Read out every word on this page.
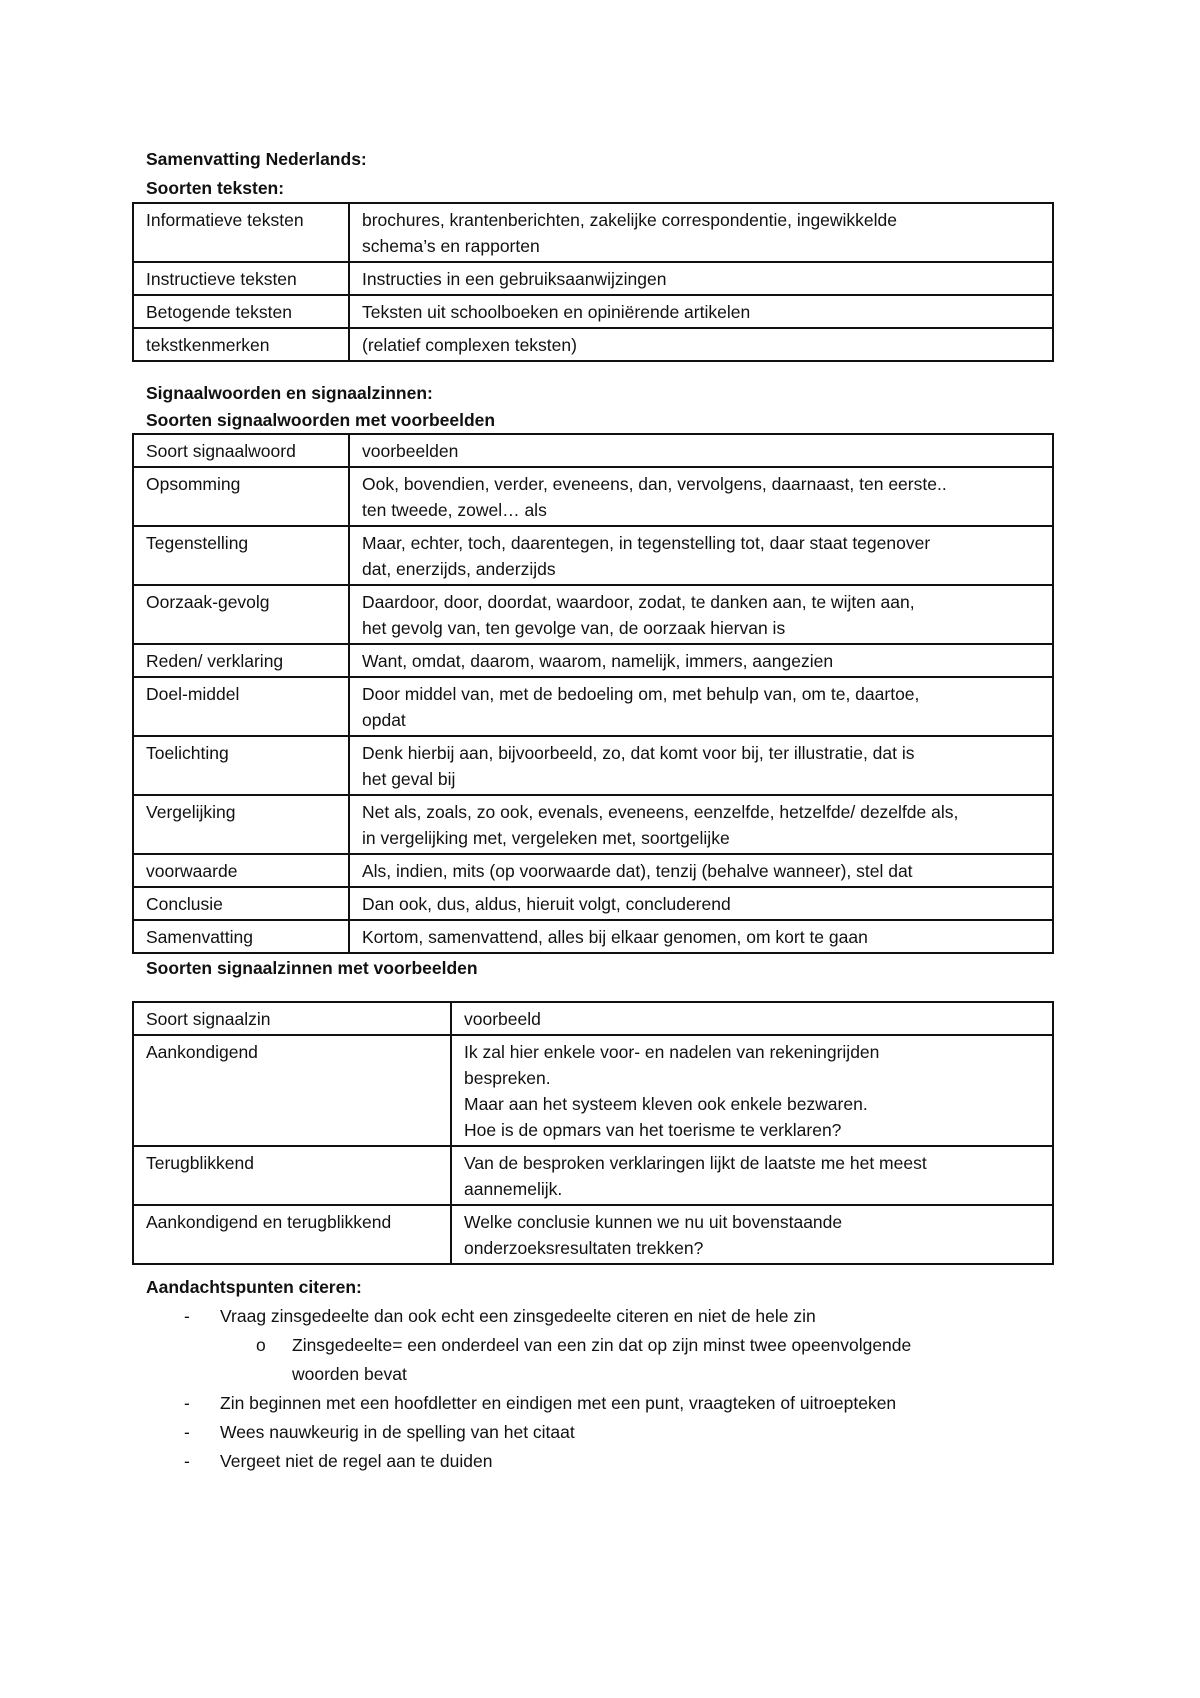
Samenvatting Nederlands:
Soorten teksten:
Informatieve teksten	brochures, krantenberichten, zakelijke correspondentie, ingewikkelde
schema’s en rapporten

Instructieve teksten	Instructies in een gebruiksaanwijzingen

Betogende teksten	Teksten uit schoolboeken en opiniërende artikelen

tekstkenmerken	(relatief complexen teksten)
Signaalwoorden en signaalzinnen:
Soorten signaalwoorden met voorbeelden
Soort signaalwoord	voorbeelden
Opsomming	Ook, bovendien, verder, eveneens, dan, vervolgens, daarnaast, ten eerste..
ten tweede, zowel… als

Tegenstelling	Maar, echter, toch, daarentegen, in tegenstelling tot, daar staat tegenover
dat, enerzijds, anderzijds

Oorzaak-gevolg	Daardoor, door, doordat, waardoor, zodat, te danken aan, te wijten aan,
het gevolg van, ten gevolge van, de oorzaak hiervan is

Reden/ verklaring	Want, omdat, daarom, waarom, namelijk, immers, aangezien

Doel-middel	Door middel van, met de bedoeling om, met behulp van, om te, daartoe,
opdat

Toelichting	Denk hierbij aan, bijvoorbeeld, zo, dat komt voor bij, ter illustratie, dat is
het geval bij

Vergelijking	Net als, zoals, zo ook, evenals, eveneens, eenzelfde, hetzelfde/ dezelfde als,
in vergelijking met, vergeleken met, soortgelijke

voorwaarde	Als, indien, mits (op voorwaarde dat), tenzij (behalve wanneer), stel dat

Conclusie	Dan ook, dus, aldus, hieruit volgt, concluderend

Samenvatting	Kortom, samenvattend, alles bij elkaar genomen, om kort te gaan
Soorten signaalzinnen met voorbeelden
Soort signaalzin	voorbeeld
Aankondigend	Ik zal hier enkele voor- en nadelen van rekeningrijden
bespreken.
Maar aan het systeem kleven ook enkele bezwaren.
Hoe is de opmars van het toerisme te verklaren?

Terugblikkend	Van de besproken verklaringen lijkt de laatste me het meest
aannemelijk.

Aankondigend en terugblikkend	Welke conclusie kunnen we nu uit bovenstaande
onderzoeksresultaten trekken?
Aandachtspunten citeren:
- Vraag zinsgedeelte dan ook echt een zinsgedeelte citeren en niet de hele zin
o Zinsgedeelte= een onderdeel van een zin dat op zijn minst twee opeenvolgende
woorden bevat
- Zin beginnen met een hoofdletter en eindigen met een punt, vraagteken of uitroepteken
- Wees nauwkeurig in de spelling van het citaat
- Vergeet niet de regel aan te duiden
